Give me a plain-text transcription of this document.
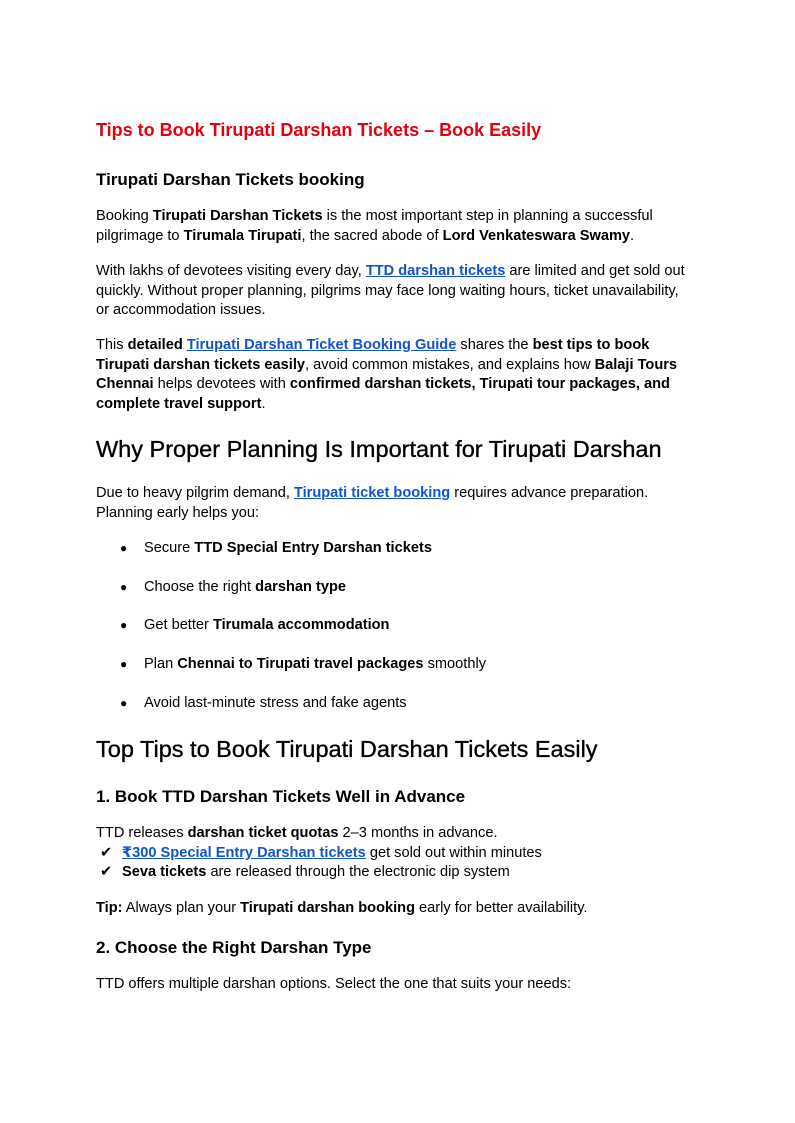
Tips to Book Tirupati Darshan Tickets – Book Easily
Tirupati Darshan Tickets booking

Booking Tirupati Darshan Tickets is the most important step in planning a successful
pilgrimage to Tirumala Tirupati, the sacred abode of Lord Venkateswara Swamy.

With lakhs of devotees visiting every day, TTD darshan tickets are limited and get sold out
quickly. Without proper planning, pilgrims may face long waiting hours, ticket unavailability,
or accommodation issues.

This detailed Tirupati Darshan Ticket Booking Guide shares the best tips to book
Tirupati darshan tickets easily, avoid common mistakes, and explains how Balaji Tours
Chennai helps devotees with confirmed darshan tickets, Tirupati tour packages, and
complete travel support.

Why Proper Planning Is Important for Tirupati Darshan

Due to heavy pilgrim demand, Tirupati ticket booking requires advance preparation.
Planning early helps you:

● Secure TTD Special Entry Darshan tickets
● Choose the right darshan type
● Get better Tirumala accommodation
● Plan Chennai to Tirupati travel packages smoothly
● Avoid last-minute stress and fake agents
Top Tips to Book Tirupati Darshan Tickets Easily
1. Book TTD Darshan Tickets Well in Advance

TTD releases darshan ticket quotas 2–3 months in advance.
✔ ₹300 Special Entry Darshan tickets get sold out within minutes
✔ Seva tickets are released through the electronic dip system

Tip: Always plan your Tirupati darshan booking early for better availability.

2. Choose the Right Darshan Type

TTD offers multiple darshan options. Select the one that suits your needs:
